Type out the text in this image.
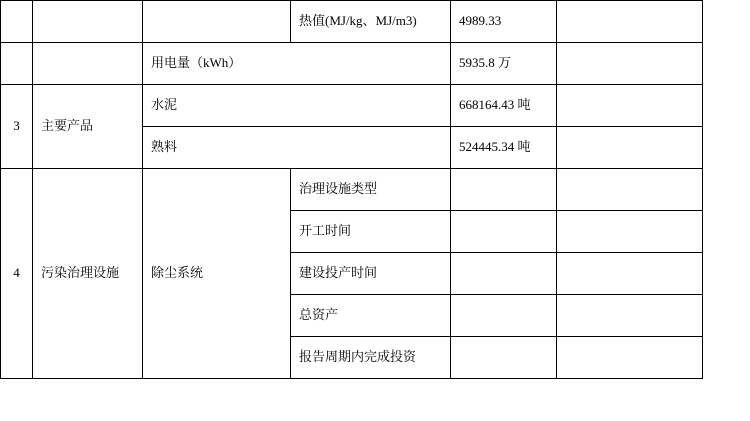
			热值(MJ/kg、MJ/m3)	4989.33	
		用电量（kWh）		5935.8 万	
3	主要产品	水泥		668164.43 吨	
		熟料		524445.34 吨	
4	污染治理设施	除尘系统	治理设施类型		
			开工时间		
			建设投产时间		
			总资产		
			报告周期内完成投资		
